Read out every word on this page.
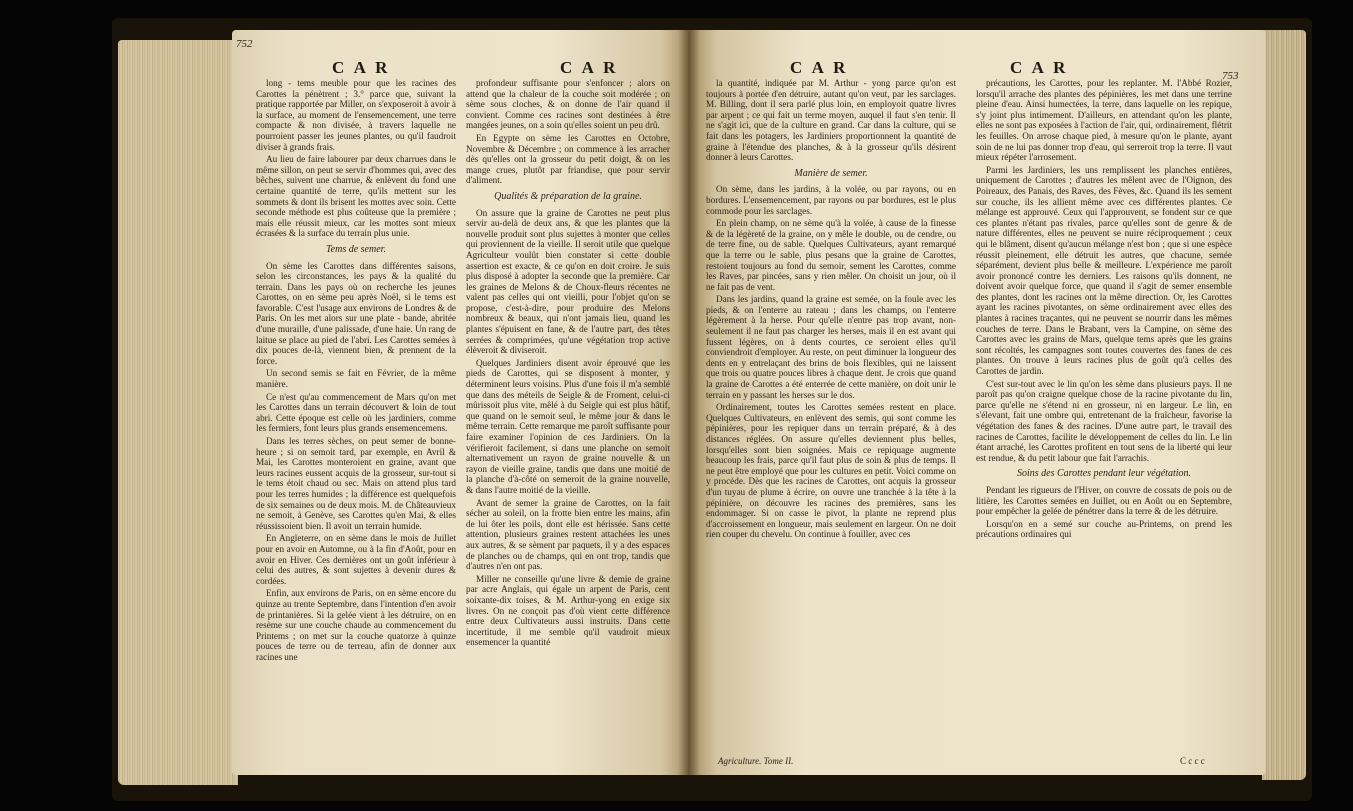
752
C A R	C A R

long - tems meuble pour que les racines des Carottes la pénètrent ; 3.° parce que, suivant la pratique rapportée par Miller, on s'exposeroit à avoir à la surface, au moment de l'ensemencement, une terre compacte & non divisée, à travers laquelle ne pourroient passer les jeunes plantes, ou qu'il faudroit diviser à grands frais.

Au lieu de faire labourer par deux charrues dans le même sillon, on peut se servir d'hommes qui, avec des bêches, suivent une charrue, & enlèvent du fond une certaine quantité de terre, qu'ils mettent sur les sommets & dont ils brisent les mottes avec soin. Cette seconde méthode est plus coûteuse que la première ; mais elle réussit mieux, car les mottes sont mieux écrasées & la surface du terrain plus unie.

Tems de semer.

On sème les Carottes dans différentes saisons, selon les circonstances, les pays & la qualité du terrain. Dans les pays où on recherche les jeunes Carottes, on en sème peu après Noël, si le tems est favorable. C'est l'usage aux environs de Londres & de Paris. On les met alors sur une plate - bande, abritée d'une muraille, d'une palissade, d'une haie. Un rang de laitue se place au pied de l'abri. Les Carottes semées à dix pouces de-là, viennent bien, & prennent de la force.

Un second semis se fait en Février, de la même manière.

Ce n'est qu'au commencement de Mars qu'on met les Carottes dans un terrain découvert & loin de tout abri. Cette époque est celle où les jardiniers, comme les fermiers, font leurs plus grands ensemencemens.

Dans les terres sèches, on peut semer de bonne-heure ; si on semoit tard, par exemple, en Avril & Mai, les Carottes monteroient en graine, avant que leurs racines eussent acquis de la grosseur, sur-tout si le tems étoit chaud ou sec. Mais on attend plus tard pour les terres humides ; la différence est quelquefois de six semaines ou de deux mois. M. de Châteauvieux ne semoit, à Genève, ses Carottes qu'en Mai, & elles réussissoient bien. Il avoit un terrain humide.

En Angleterre, on en sème dans le mois de Juillet pour en avoir en Automne, ou à la fin d'Août, pour en avoir en Hiver. Ces dernières ont un goût inférieur à celui des autres, & sont sujettes à devenir dures & cordées.

Enfin, aux environs de Paris, on en sème encore du quinze au trente Septembre, dans l'intention d'en avoir de printanières. Si la gelée vient à les détruire, on en resème sur une couche chaude au commencement du Printems ; on met sur la couche quatorze à quinze pouces de terre ou de terreau, afin de donner aux racines une

profondeur suffisante pour s'enfoncer ; alors on attend que la chaleur de la couche soit modérée ; on sème sous cloches, & on donne de l'air quand il convient. Comme ces racines sont destinées à être mangées jeunes, on a soin qu'elles soient un peu drû.

En Egypte on sème les Carottes en Octobre, Novembre & Décembre ; on commence à les arracher dès qu'elles ont la grosseur du petit doigt, & on les mange crues, plutôt par friandise, que pour servir d'aliment.

Qualités & préparation de la graine.

On assure que la graine de Carottes ne peut plus servir au-delà de deux ans, & que les plantes que la nouvelle produit sont plus sujettes à monter que celles qui proviennent de la vieille. Il seroit utile que quelque Agriculteur voulût bien constater si cette double assertion est exacte, & ce qu'on en doit croire. Je suis plus disposé à adopter la seconde que la première. Car les graines de Melons & de Choux-fleurs récentes ne valent pas celles qui ont vieilli, pour l'objet qu'on se propose, c'est-à-dire, pour produire des Melons nombreux & beaux, qui n'ont jamais lieu, quand les plantes s'épuisent en fane, & de l'autre part, des têtes serrées & comprimées, qu'une végétation trop active élèveroit & diviseroit.

Quelques Jardiniers disent avoir éprouvé que les pieds de Carottes, qui se disposent à monter, y déterminent leurs voisins. Plus d'une fois il m'a semblé que dans des méteils de Seigle & de Froment, celui-ci mûrissoit plus vite, mêlé à du Seigle qui est plus hâtif, que quand on le semoit seul, le même jour & dans le même terrain. Cette remarque me paroît suffisante pour faire examiner l'opinion de ces Jardiniers. On la vérifieroit facilement, si dans une planche on semoit alternativement un rayon de graine nouvelle & un rayon de vieille graine, tandis que dans une moitié de la planche d'à-côté on semeroit de la graine nouvelle, & dans l'autre moitié de la vieille.

Avant de semer la graine de Carottes, on la fait sécher au soleil, on la frotte bien entre les mains, afin de lui ôter les poils, dont elle est hérissée. Sans cette attention, plusieurs graines restent attachées les unes aux autres, & se sèment par paquets, il y a des espaces de planches ou de champs, qui en ont trop, tandis que d'autres n'en ont pas.

Miller ne conseille qu'une livre & demie de graine par acre Anglais, qui égale un arpent de Paris, cent soixante-dix toises, & M. Arthur-yong en exige six livres. On ne conçoit pas d'où vient cette différence entre deux Cultivateurs aussi instruits. Dans cette incertitude, il me semble qu'il vaudroit mieux ensemencer la quantité

C A R	C A R	753

la quantité, indiquée par M. Arthur - yong parce qu'on est toujours à portée d'en détruire, autant qu'on veut, par les sarclages. M. Billing, dont il sera parlé plus loin, en employoit quatre livres par arpent ; ce qui fait un terme moyen, auquel il faut s'en tenir. Il ne s'agit ici, que de la culture en grand. Car dans la culture, qui se fait dans les potagers, les Jardiniers proportionnent la quantité de graine à l'étendue des planches, & à la grosseur qu'ils désirent donner à leurs Carottes.

Manière de semer.

On sème, dans les jardins, à la volée, ou par rayons, ou en bordures. L'ensemencement, par rayons ou par bordures, est le plus commode pour les sarclages.

En plein champ, on ne sème qu'à la volée, à cause de la finesse & de la légèreté de la graine, on y mêle le double, ou de cendre, ou de terre fine, ou de sable. Quelques Cultivateurs, ayant remarqué que la terre ou le sable, plus pesans que la graine de Carottes, restoient toujours au fond du semoir, sement les Carottes, comme les Raves, par pincées, sans y rien mêler. On choisit un jour, où il ne fait pas de vent.

Dans les jardins, quand la graine est semée, on la foule avec les pieds, & on l'enterre au rateau ; dans les champs, on l'enterre légèrement à la herse. Pour qu'elle n'entre pas trop avant, non-seulement il ne faut pas charger les herses, mais il en est avant qui fussent légères, on à dents courtes, ce seroient elles qu'il conviendroit d'employer. Au reste, on peut diminuer la longueur des dents en y entrelaçant des brins de bois flexibles, qui ne laissent que trois ou quatre pouces libres à chaque dent. Je crois que quand la graine de Carottes a été enterrée de cette manière, on doit unir le terrain en y passant les herses sur le dos.

Ordinairement, toutes les Carottes semées restent en place. Quelques Cultivateurs, en enlèvent des semis, qui sont comme les pépinières, pour les repiquer dans un terrain préparé, & à des distances réglées. On assure qu'elles deviennent plus belles, lorsqu'elles sont bien soignées. Mais ce repiquage augmente beaucoup les frais, parce qu'il faut plus de soin & plus de temps. Il ne peut être employé que pour les cultures en petit. Voici comme on y procède. Dès que les racines de Carottes, ont acquis la grosseur d'un tuyau de plume à écrire, on ouvre une tranchée à la tête à la pépinière, on découvre les racines des premières, sans les endommager. Si on casse le pivot, la plante ne reprend plus d'accroissement en longueur, mais seulement en largeur. On ne doit rien couper du chevelu. On continue à fouiller, avec ces

Agriculture. Tome II.

précautions, les Carottes, pour les replanter. M. l'Abbé Rozier, lorsqu'il arrache des plantes des pépinières, les met dans une terrine pleine d'eau. Ainsi humectées, la terre, dans laquelle on les repique, s'y joint plus intimement. D'ailleurs, en attendant qu'on les plante, elles ne sont pas exposées à l'action de l'air, qui, ordinairement, flétrit les feuilles. On arrose chaque pied, à mesure qu'on le plante, ayant soin de ne lui pas donner trop d'eau, qui serreroit trop la terre. Il vaut mieux répéter l'arrosement.

Parmi les Jardiniers, les uns remplissent les planches entières, uniquement de Carottes ; d'autres les mêlent avec de l'Oignon, des Poireaux, des Panais, des Raves, des Fèves, &c. Quand ils les sement sur couche, ils les allient même avec ces différentes plantes. Ce mélange est approuvé. Ceux qui l'approuvent, se fondent sur ce que ces plantes n'étant pas rivales, parce qu'elles sont de genre & de nature différentes, elles ne peuvent se nuire réciproquement ; ceux qui le blâment, disent qu'aucun mélange n'est bon ; que si une espèce réussit pleinement, elle détruit les autres, que chacune, semée séparément, devient plus belle & meilleure. L'expérience me paroît avoir prononcé contre les derniers. Les raisons qu'ils donnent, ne doivent avoir quelque force, que quand il s'agit de semer ensemble des plantes, dont les racines ont la même direction. Or, les Carottes ayant les racines pivotantes, on sème ordinairement avec elles des plantes à racines traçantes, qui ne peuvent se nourrir dans les mêmes couches de terre. Dans le Brabant, vers la Campine, on sème des Carottes avec les grains de Mars, quelque tems après que les grains sont récoltés, les campagnes sont toutes couvertes des fanes de ces plantes. On trouve à leurs racines plus de goût qu'à celles des Carottes de jardin.

C'est sur-tout avec le lin qu'on les sème dans plusieurs pays. Il ne paroît pas qu'on craigne quelque chose de la racine pivotante du lin, parce qu'elle ne s'étend ni en grosseur, ni en largeur. Le lin, en s'élevant, fait une ombre qui, entretenant de la fraîcheur, favorise la végétation des fanes & des racines. D'une autre part, le travail des racines de Carottes, facilite le développement de celles du lin. Le lin étant arraché, les Carottes profitent en tout sens de la liberté qui leur est rendue, & du petit labour que fait l'arrachis.

Soins des Carottes pendant leur végétation.

Pendant les rigueurs de l'Hiver, on couvre de cossats de pois ou de litière, les Carottes semées en Juillet, ou en Août ou en Septembre, pour empêcher la gelée de pénétrer dans la terre & de les détruire.

Lorsqu'on en a semé sur couche au-Printems, on prend les précautions ordinaires qui

C c c c
